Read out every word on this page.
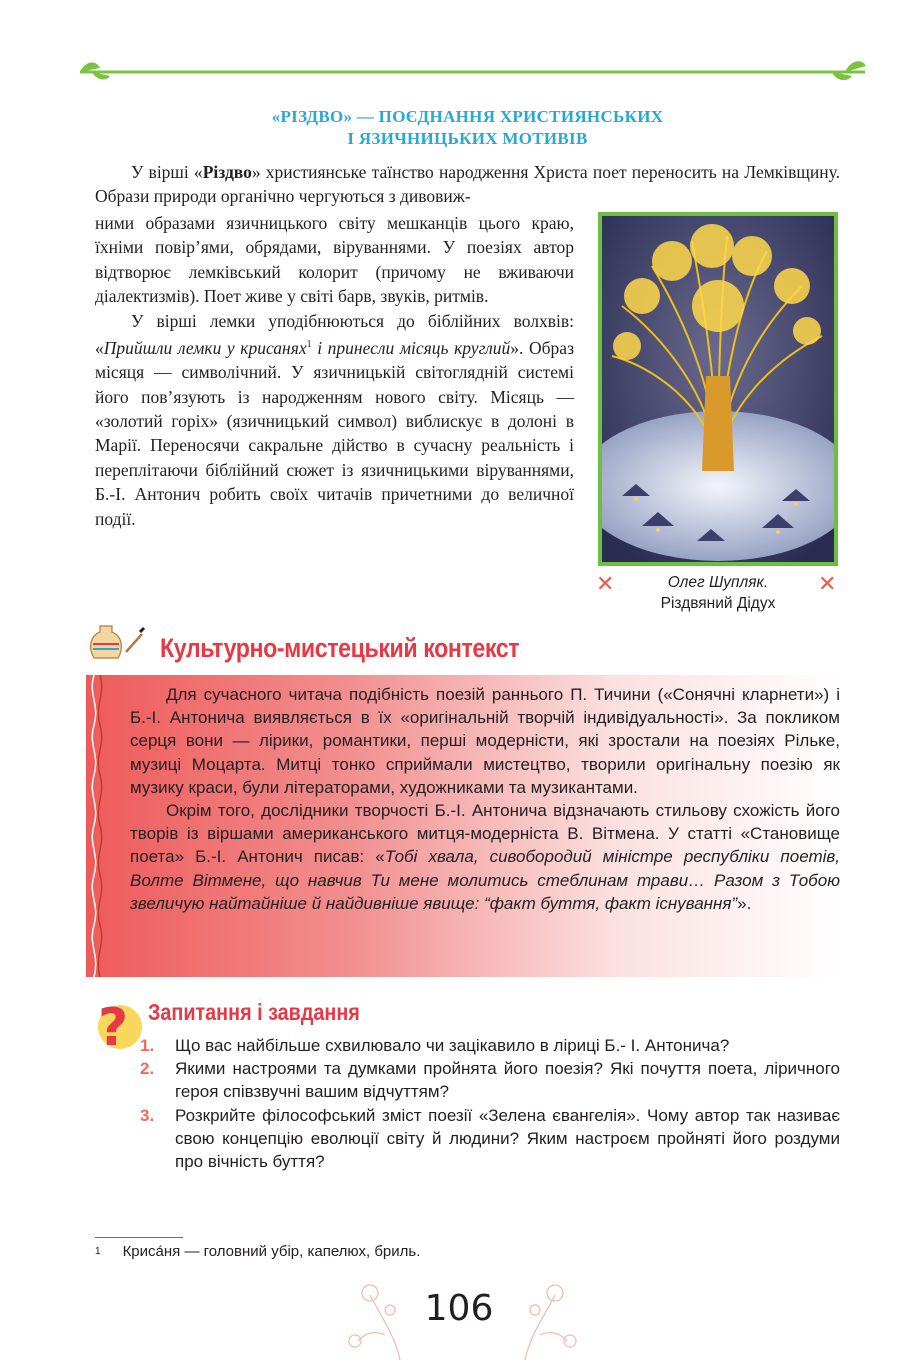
«РІЗДВО» — ПОЄДНАННЯ ХРИСТИЯНСЬКИХ
І ЯЗИЧНИЦЬКИХ МОТИВІВ

У вірші «Різдво» християнське таїнство народження Христа поет переносить на Лемківщину. Образи природи органічно чергуються з дивовиж-

ними образами язичницького світу мешканців цього краю, їхніми повір’ями, обрядами, віруваннями. У поезіях автор відтворює лемківський колорит (причому не вживаючи діалектизмів). Поет живе у світі барв, звуків, ритмів.

У вірші лемки уподібнюються до біблійних волхвів: «Прийшли лемки у крисанях$^1$ і принесли місяць круглий». Образ місяця — символічний. У язичницькій світоглядній системі його пов’язують із народженням нового світу. Місяць — «золотий горіх» (язичницький символ) виблискує в долоні в Марії. Переносячи сакральне дійство в сучасну реальність і переплітаючи біблійний сюжет із язичницькими віруваннями, Б.-І. Антонич робить своїх читачів причетними до величної події.

Олег Шупляк.
Різдвяний Дідух
✕	✕
Культурно-мистецький контекст

Для сучасного читача подібність поезій раннього П. Тичини («Сонячні кларнети») і Б.-І. Антонича виявляється в їх «оригінальній творчій індивідуальності». За покликом серця вони — лірики, романтики, перші модерністи, які зростали на поезіях Рільке, музиці Моцарта. Митці тонко сприймали мистецтво, творили оригінальну поезію як музику краси, були літераторами, художниками та музикантами.

Окрім того, дослідники творчості Б.-І. Антонича відзначають стильову схожість його творів із віршами американського митця-модерніста В. Вітмена. У статті «Становище поета» Б.-І. Антонич писав: «Тобі хвала, сивобородий міністре республіки поетів, Волте Вітмене, що навчив Ти мене молитись стеблинам трави… Разом з Тобою звеличую найтайніше й найдивніше явище: “факт буття, факт існування”».

? Запитання і завдання
1. Що вас найбільше схвилювало чи зацікавило в ліриці Б.- І. Антонича?
2. Якими настроями та думками пройнята його поезія? Які почуття поета, ліричного героя співзвучні вашим відчуттям?
3. Розкрийте філософський зміст поезії «Зелена євангелія». Чому автор так називає свою концепцію еволюції світу й людини? Яким настроєм пройняті його роздуми про вічність буття?
$^1$ Криса́ня — головний убір, капелюх, бриль.
106
